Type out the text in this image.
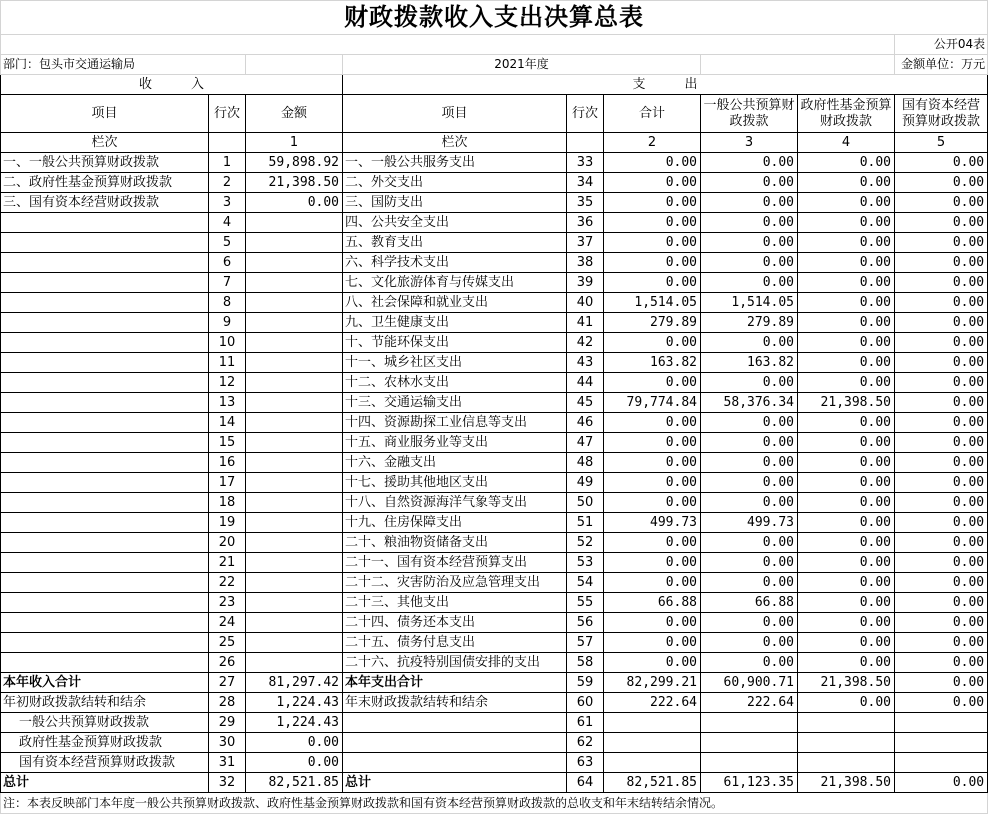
财政拨款收入支出决算总表								
								公开04表
部门：包头市交通运输局			2021年度					金额单位：万元
收　　　入			支　　　出					
项目	行次	金额	项目	行次	合计	一般公共预算财政拨款	政府性基金预算财政拨款	国有资本经营预算财政拨款
栏次		1	栏次		2	3	4	5
一、一般公共预算财政拨款	1	59,898.92	一、一般公共服务支出	33	0.00	0.00	0.00	0.00
二、政府性基金预算财政拨款	2	21,398.50	二、外交支出	34	0.00	0.00	0.00	0.00
三、国有资本经营财政拨款	3	0.00	三、国防支出	35	0.00	0.00	0.00	0.00
	4		四、公共安全支出	36	0.00	0.00	0.00	0.00
	5		五、教育支出	37	0.00	0.00	0.00	0.00
	6		六、科学技术支出	38	0.00	0.00	0.00	0.00
	7		七、文化旅游体育与传媒支出	39	0.00	0.00	0.00	0.00
	8		八、社会保障和就业支出	40	1,514.05	1,514.05	0.00	0.00
	9		九、卫生健康支出	41	279.89	279.89	0.00	0.00
	10		十、节能环保支出	42	0.00	0.00	0.00	0.00
	11		十一、城乡社区支出	43	163.82	163.82	0.00	0.00
	12		十二、农林水支出	44	0.00	0.00	0.00	0.00
	13		十三、交通运输支出	45	79,774.84	58,376.34	21,398.50	0.00
	14		十四、资源勘探工业信息等支出	46	0.00	0.00	0.00	0.00
	15		十五、商业服务业等支出	47	0.00	0.00	0.00	0.00
	16		十六、金融支出	48	0.00	0.00	0.00	0.00
	17		十七、援助其他地区支出	49	0.00	0.00	0.00	0.00
	18		十八、自然资源海洋气象等支出	50	0.00	0.00	0.00	0.00
	19		十九、住房保障支出	51	499.73	499.73	0.00	0.00
	20		二十、粮油物资储备支出	52	0.00	0.00	0.00	0.00
	21		二十一、国有资本经营预算支出	53	0.00	0.00	0.00	0.00
	22		二十二、灾害防治及应急管理支出	54	0.00	0.00	0.00	0.00
	23		二十三、其他支出	55	66.88	66.88	0.00	0.00
	24		二十四、债务还本支出	56	0.00	0.00	0.00	0.00
	25		二十五、债务付息支出	57	0.00	0.00	0.00	0.00
	26		二十六、抗疫特别国债安排的支出	58	0.00	0.00	0.00	0.00
本年收入合计	27	81,297.42	本年支出合计	59	82,299.21	60,900.71	21,398.50	0.00
年初财政拨款结转和结余	28	1,224.43	年末财政拨款结转和结余	60	222.64	222.64	0.00	0.00
一般公共预算财政拨款	29	1,224.43		61				
政府性基金预算财政拨款	30	0.00		62				
国有资本经营预算财政拨款	31	0.00		63				
总计	32	82,521.85	总计	64	82,521.85	61,123.35	21,398.50	0.00
注：本表反映部门本年度一般公共预算财政拨款、政府性基金预算财政拨款和国有资本经营预算财政拨款的总收支和年末结转结余情况。								
